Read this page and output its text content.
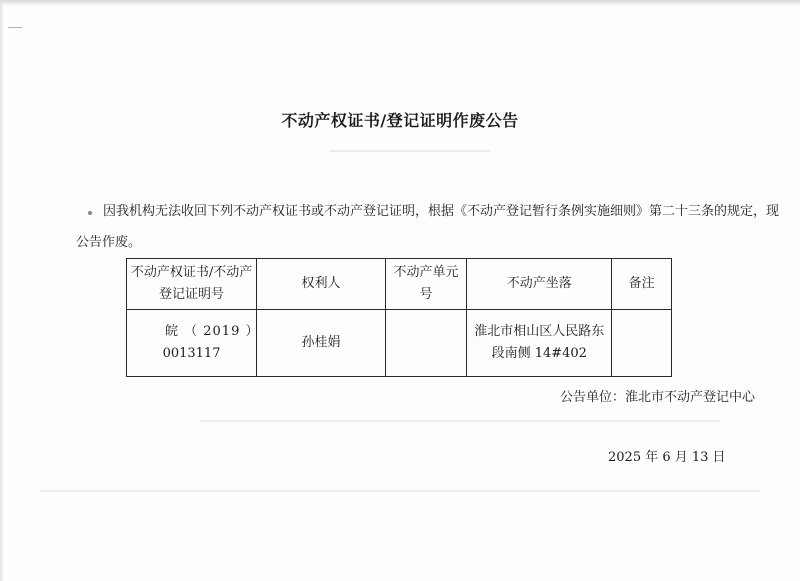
不动产权证书/登记证明作废公告
因我机构无法收回下列不动产权证书或不动产登记证明，根据《不动产登记暂行条例实施细则》第二十三条的规定，现
公告作废。
不动产权证书/不动产
登记证明号	权利人	不动产单元号	不动产坐落	备注

皖 （ 2019 ）
0013117	孙桂娟		淮北市相山区人民路东
段南侧 14#402	

公告单位：淮北市不动产登记中心
2025 年 6 月 13 日
